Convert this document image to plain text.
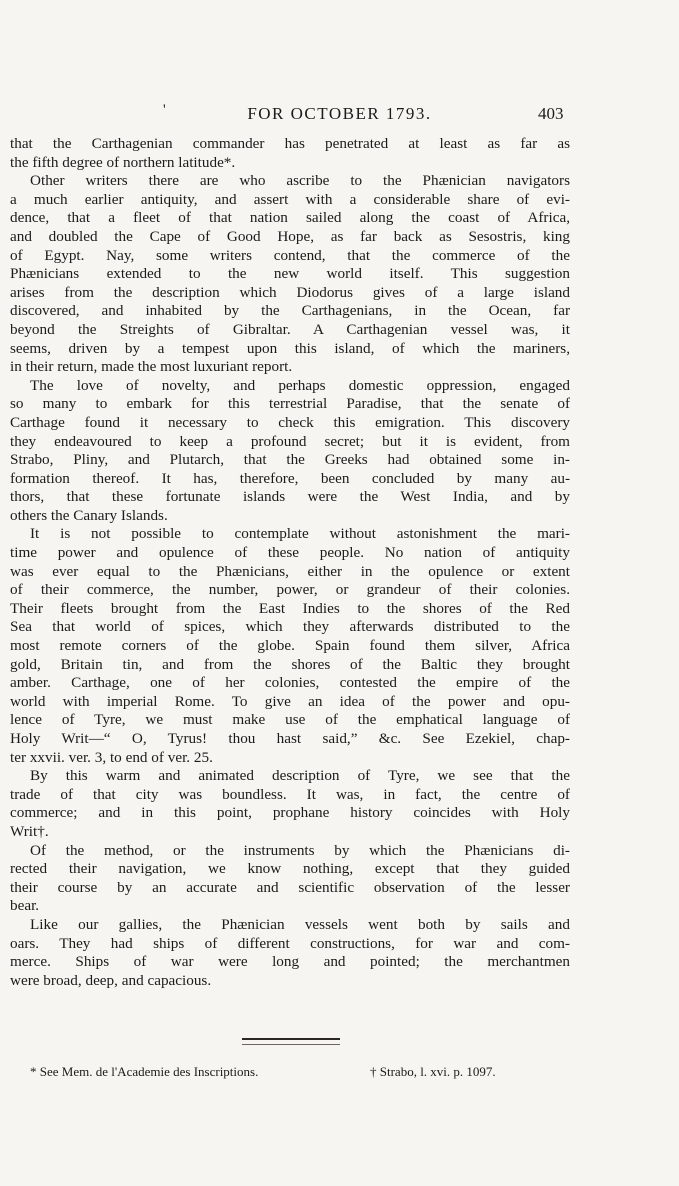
'	FOR OCTOBER 1793.	403
that the Carthagenian commander has penetrated at least as far as
the fifth degree of northern latitude*.
Other writers there are who ascribe to the Phænician navigators
a much earlier antiquity, and assert with a considerable share of evi-
dence, that a fleet of that nation sailed along the coast of Africa,
and doubled the Cape of Good Hope, as far back as Sesostris, king
of Egypt. Nay, some writers contend, that the commerce of the
Phænicians extended to the new world itself. This suggestion
arises from the description which Diodorus gives of a large island
discovered, and inhabited by the Carthagenians, in the Ocean, far
beyond the Streights of Gibraltar. A Carthagenian vessel was, it
seems, driven by a tempest upon this island, of which the mariners,
in their return, made the most luxuriant report.
The love of novelty, and perhaps domestic oppression, engaged
so many to embark for this terrestrial Paradise, that the senate of
Carthage found it necessary to check this emigration. This discovery
they endeavoured to keep a profound secret; but it is evident, from
Strabo, Pliny, and Plutarch, that the Greeks had obtained some in-
formation thereof. It has, therefore, been concluded by many au-
thors, that these fortunate islands were the West India, and by
others the Canary Islands.
It is not possible to contemplate without astonishment the mari-
time power and opulence of these people. No nation of antiquity
was ever equal to the Phænicians, either in the opulence or extent
of their commerce, the number, power, or grandeur of their colonies.
Their fleets brought from the East Indies to the shores of the Red
Sea that world of spices, which they afterwards distributed to the
most remote corners of the globe. Spain found them silver, Africa
gold, Britain tin, and from the shores of the Baltic they brought
amber. Carthage, one of her colonies, contested the empire of the
world with imperial Rome. To give an idea of the power and opu-
lence of Tyre, we must make use of the emphatical language of
Holy Writ—“ O, Tyrus! thou hast said,” &c. See Ezekiel, chap-
ter xxvii. ver. 3, to end of ver. 25.
By this warm and animated description of Tyre, we see that the
trade of that city was boundless. It was, in fact, the centre of
commerce; and in this point, prophane history coincides with Holy
Writ†.
Of the method, or the instruments by which the Phænicians di-
rected their navigation, we know nothing, except that they guided
their course by an accurate and scientific observation of the lesser
bear.
Like our gallies, the Phænician vessels went both by sails and
oars. They had ships of different constructions, for war and com-
merce. Ships of war were long and pointed; the merchantmen
were broad, deep, and capacious.
* See Mem. de l'Academie des Inscriptions.	† Strabo, l. xvi. p. 1097.
